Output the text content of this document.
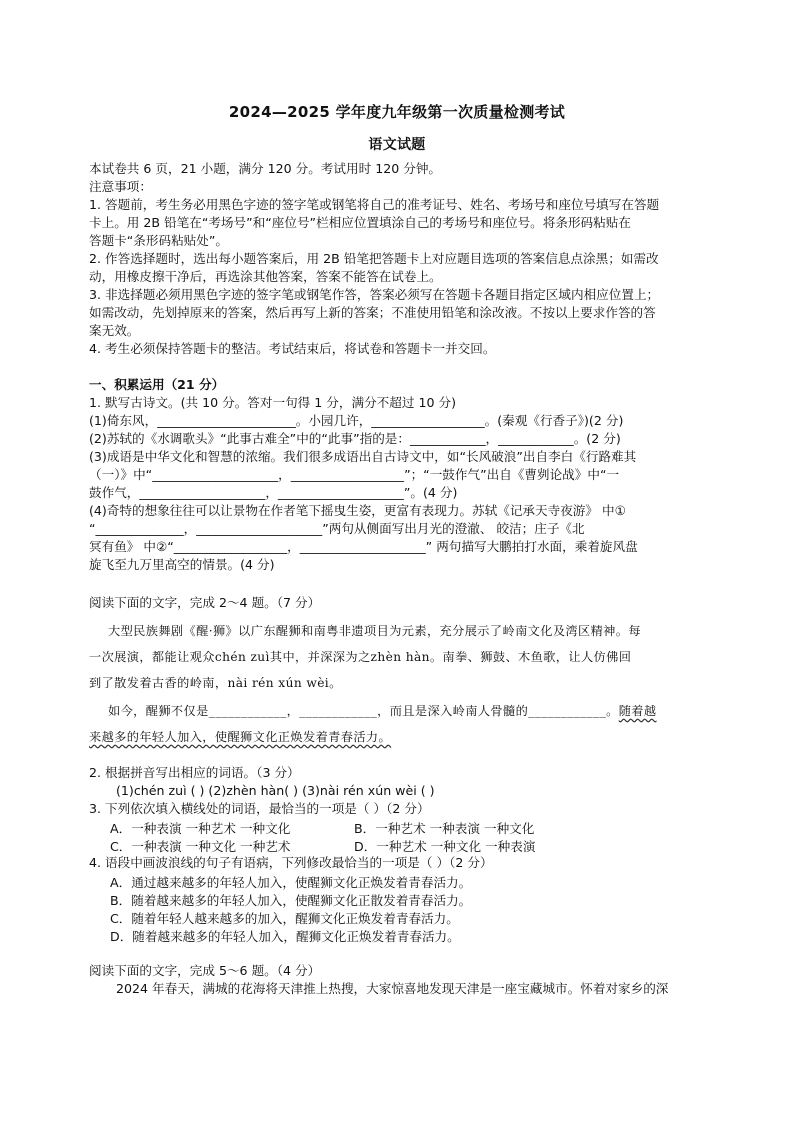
2024—2025 学年度九年级第一次质量检测考试
语文试题
本试卷共 6 页，21 小题，满分 120 分。考试用时 120 分钟。
注意事项：
1. 答题前，考生务必用黑色字迹的签字笔或钢笔将自己的准考证号、姓名、考场号和座位号填写在答题
卡上。用 2B 铅笔在“考场号”和“座位号”栏相应位置填涂自己的考场号和座位号。将条形码粘贴在
答题卡“条形码粘贴处”。
2. 作答选择题时，选出每小题答案后，用 2B 铅笔把答题卡上对应题目选项的答案信息点涂黑；如需改
动，用橡皮擦干净后，再选涂其他答案，答案不能答在试卷上。
3. 非选择题必须用黑色字迹的签字笔或钢笔作答，答案必须写在答题卡各题目指定区域内相应位置上；
如需改动，先划掉原来的答案，然后再写上新的答案；不准使用铅笔和涂改液。不按以上要求作答的答
案无效。
4. 考生必须保持答题卡的整洁。考试结束后，将试卷和答题卡一并交回。
一、积累运用（21 分）
1. 默写古诗文。(共 10 分。答对一句得 1 分，满分不超过 10 分)
(1)倚东风，______________________。小园几许，__________________。(秦观《行香子》)(2 分)
(2)苏轼的《水调歌头》“此事古难全”中的“此事”指的是：____________，____________。(2 分)
(3)成语是中华文化和智慧的浓缩。我们很多成语出自古诗文中，如“长风破浪”出自李白《行路难其
（一）》中“____________________，__________________”；“一鼓作气”出自《曹刿论战》中“一
鼓作气，____________________，____________________”。(4 分)
(4)奇特的想象往往可以让景物在作者笔下摇曳生姿，更富有表现力。苏轼《记承天寺夜游》 中①
“______________，____________________”两句从侧面写出月光的澄澈、 皎洁；庄子《北
冥有鱼》 中②“__________________，____________________” 两句描写大鹏拍打水面，乘着旋风盘
旋飞至九万里高空的情景。(4 分)
阅读下面的文字，完成 2～4 题。（7 分）
大型民族舞剧《醒·狮》以广东醒狮和南粤非遗项目为元素，充分展示了岭南文化及湾区精神。每
一次展演，都能让观众chén zuì其中，并深深为之zhèn hàn。南拳、狮鼓、木鱼歌，让人仿佛回
到了散发着古香的岭南，nài rén xún wèi。
如今，醒狮不仅是____________，____________，而且是深入岭南人骨髓的____________。随着越
来越多的年轻人加入，使醒狮文化正焕发着青春活力。
2. 根据拼音写出相应的词语。（3 分）
(1)chén zuì ( ) (2)zhèn hàn( ) (3)nài rén xún wèi ( )
3. 下列依次填入横线处的词语，最恰当的一项是（ ）（2 分）
A．一种表演 一种艺术 一种文化	B．一种艺术 一种表演 一种文化
C．一种表演 一种文化 一种艺术	D．一种艺术 一种文化 一种表演
4. 语段中画波浪线的句子有语病，下列修改最恰当的一项是（ ）（2 分）
A．通过越来越多的年轻人加入，使醒狮文化正焕发着青春活力。
B．随着越来越多的年轻人加入，使醒狮文化正散发着青春活力。
C．随着年轻人越来越多的加入，醒狮文化正焕发着青春活力。
D．随着越来越多的年轻人加入，醒狮文化正焕发着青春活力。
阅读下面的文字，完成 5～6 题。（4 分）
2024 年春天，满城的花海将天津推上热搜，大家惊喜地发现天津是一座宝藏城市。怀着对家乡的深
